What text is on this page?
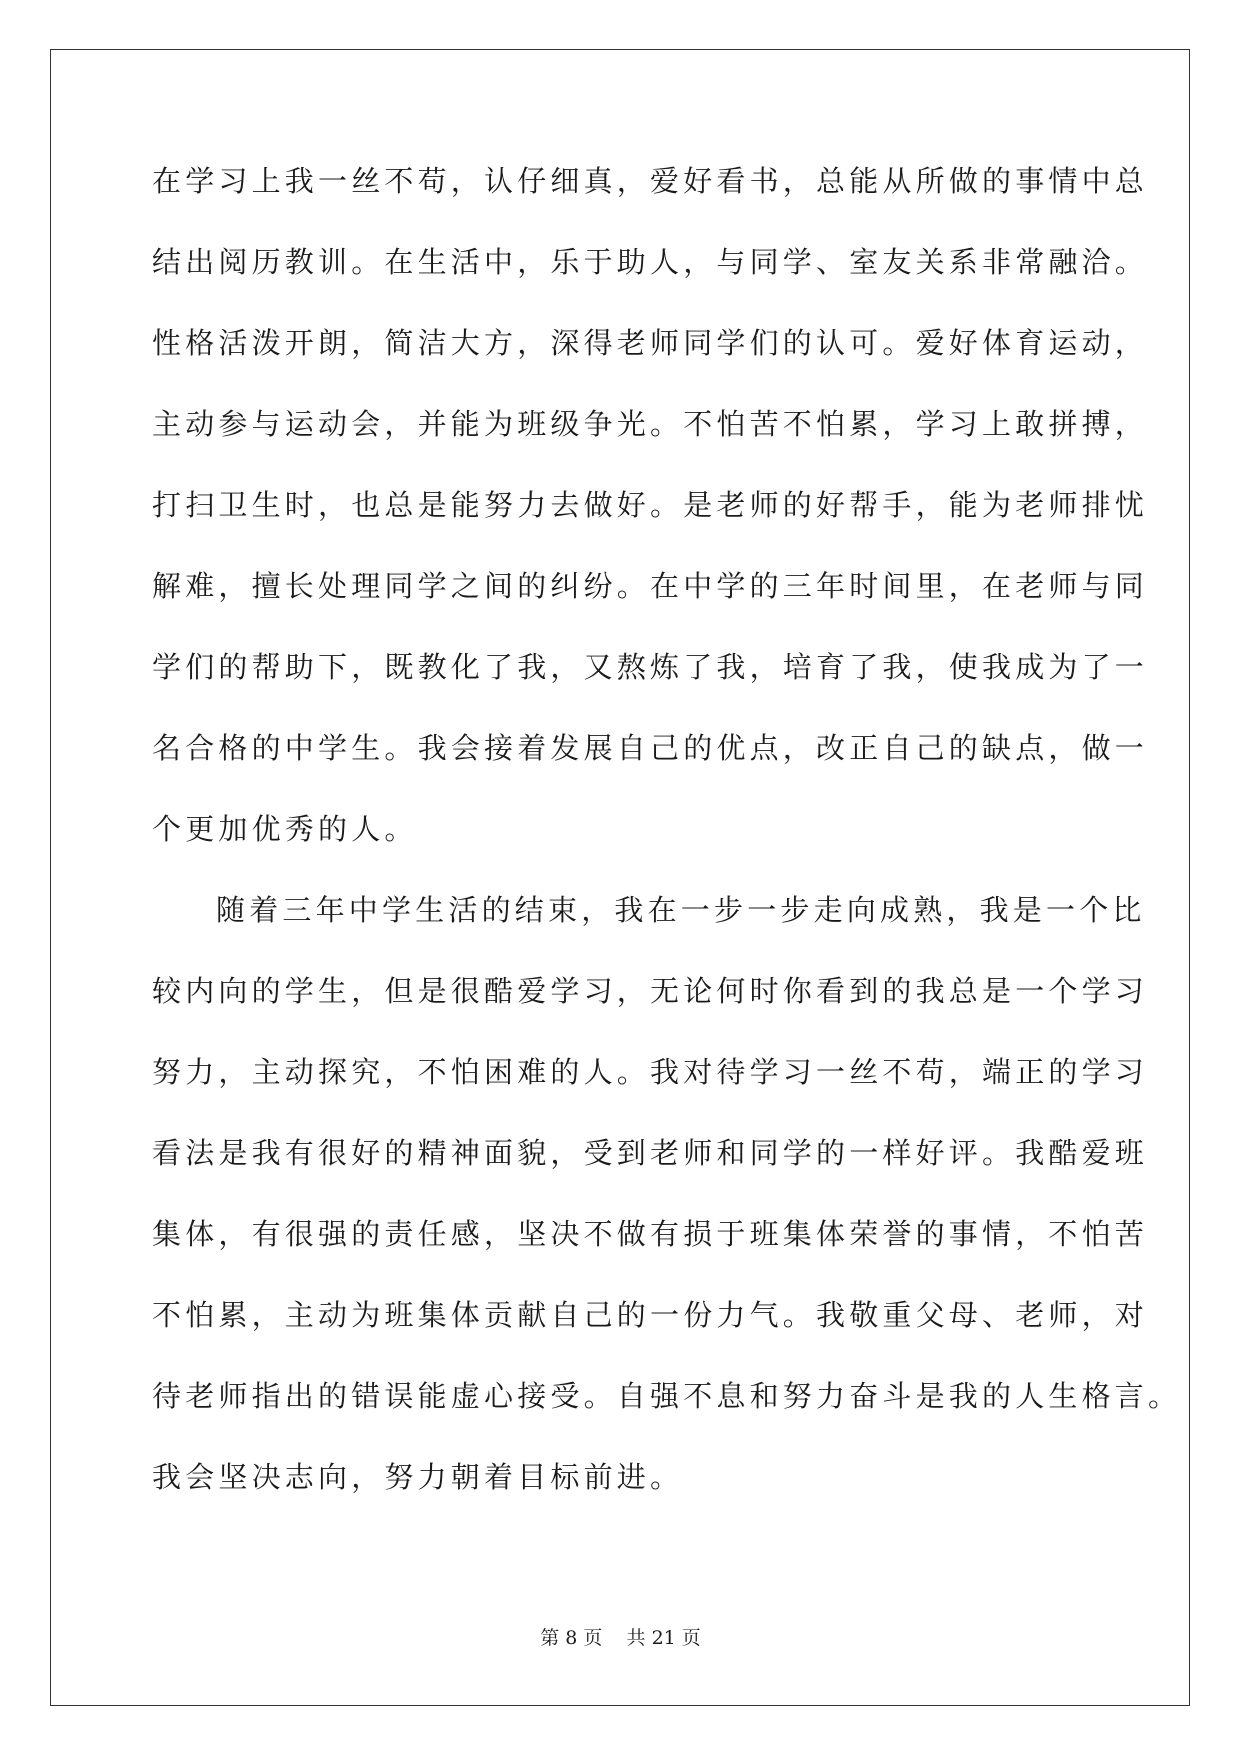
在学习上我一丝不苟，认仔细真，爱好看书，总能从所做的事情中总
结出阅历教训。在生活中，乐于助人，与同学、室友关系非常融洽。
性格活泼开朗，简洁大方，深得老师同学们的认可。爱好体育运动，
主动参与运动会，并能为班级争光。不怕苦不怕累，学习上敢拼搏，
打扫卫生时，也总是能努力去做好。是老师的好帮手，能为老师排忧
解难，擅长处理同学之间的纠纷。在中学的三年时间里，在老师与同
学们的帮助下，既教化了我，又熬炼了我，培育了我，使我成为了一
名合格的中学生。我会接着发展自己的优点，改正自己的缺点，做一
个更加优秀的人。
随着三年中学生活的结束，我在一步一步走向成熟，我是一个比
较内向的学生，但是很酷爱学习，无论何时你看到的我总是一个学习
努力，主动探究，不怕困难的人。我对待学习一丝不苟，端正的学习
看法是我有很好的精神面貌，受到老师和同学的一样好评。我酷爱班
集体，有很强的责任感，坚决不做有损于班集体荣誉的事情，不怕苦
不怕累，主动为班集体贡献自己的一份力气。我敬重父母、老师，对
待老师指出的错误能虚心接受。自强不息和努力奋斗是我的人生格言。
我会坚决志向，努力朝着目标前进。
第 8 页    共 21 页
